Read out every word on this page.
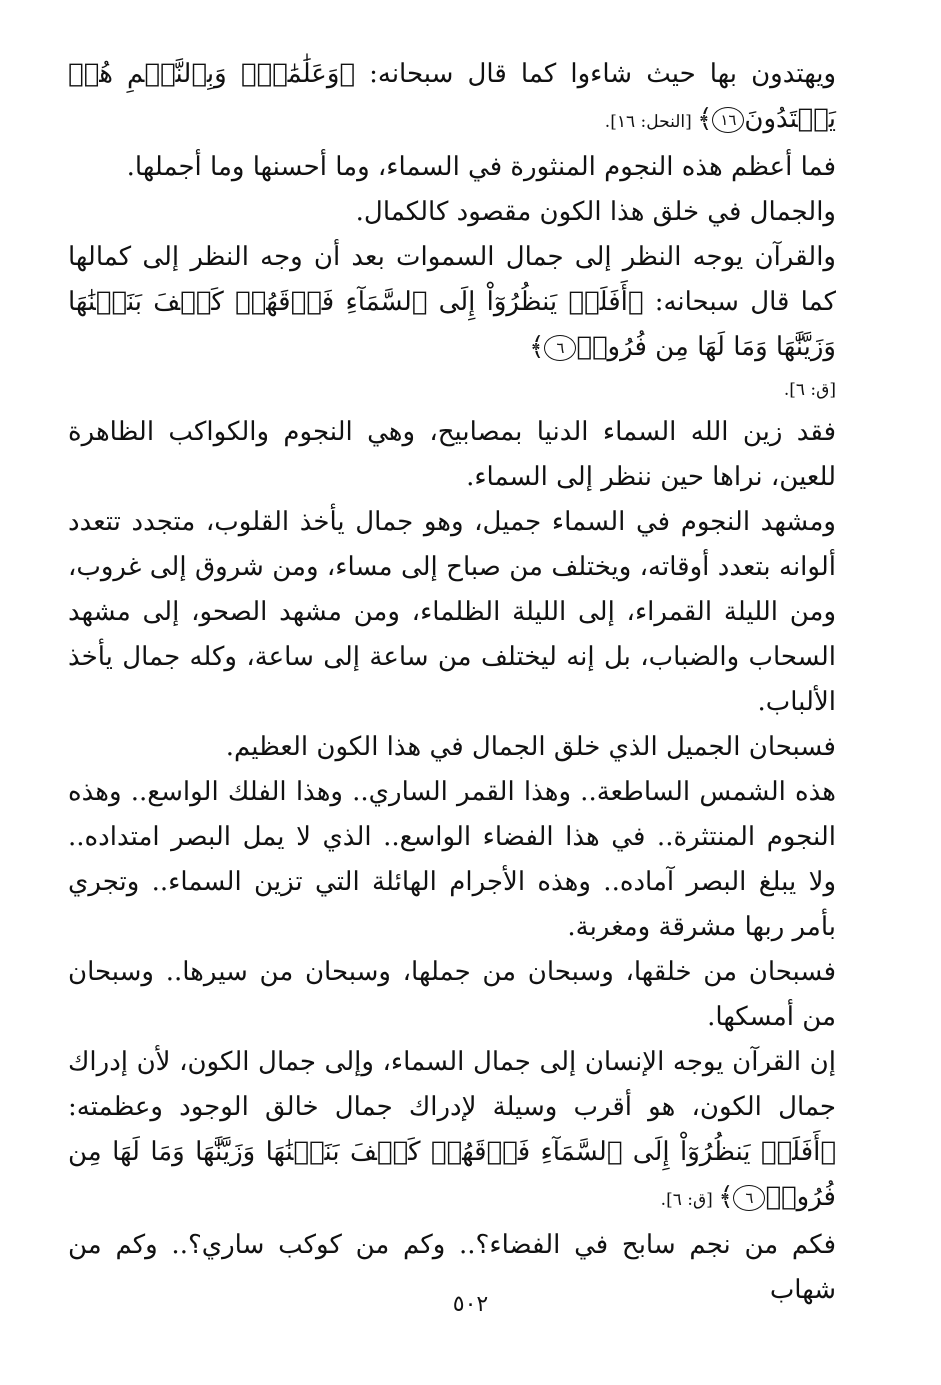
ويهتدون بها حيث شاءوا كما قال سبحانه: ﴿وَعَلَٰمَٰتٍۚ وَبِٱلنَّجۡمِ هُمۡ يَهۡتَدُونَ١٦﴾ [النحل: ١٦].

فما أعظم هذه النجوم المنثورة في السماء، وما أحسنها وما أجملها.

والجمال في خلق هذا الكون مقصود كالكمال.

والقرآن يوجه النظر إلى جمال السموات بعد أن وجه النظر إلى كمالها كما قال سبحانه: ﴿أَفَلَمۡ يَنظُرُوٓاْ إِلَى ٱلسَّمَآءِ فَوۡقَهُمۡ كَيۡفَ بَنَيۡنَٰهَا وَزَيَّنَّٰهَا وَمَا لَهَا مِن فُرُوجٖ٦﴾

[ق: ٦].

فقد زين الله السماء الدنيا بمصابيح، وهي النجوم والكواكب الظاهرة للعين، نراها حين ننظر إلى السماء.

ومشهد النجوم في السماء جميل، وهو جمال يأخذ القلوب، متجدد تتعدد ألوانه بتعدد أوقاته، ويختلف من صباح إلى مساء، ومن شروق إلى غروب، ومن الليلة القمراء، إلى الليلة الظلماء، ومن مشهد الصحو، إلى مشهد السحاب والضباب، بل إنه ليختلف من ساعة إلى ساعة، وكله جمال يأخذ الألباب.

فسبحان الجميل الذي خلق الجمال في هذا الكون العظيم.

هذه الشمس الساطعة.. وهذا القمر الساري.. وهذا الفلك الواسع.. وهذه النجوم المنتثرة.. في هذا الفضاء الواسع.. الذي لا يمل البصر امتداده.. ولا يبلغ البصر آماده.. وهذه الأجرام الهائلة التي تزين السماء.. وتجري بأمر ربها مشرقة ومغربة.

فسبحان من خلقها، وسبحان من جملها، وسبحان من سيرها.. وسبحان من أمسكها.

إن القرآن يوجه الإنسان إلى جمال السماء، وإلى جمال الكون، لأن إدراك جمال الكون، هو أقرب وسيلة لإدراك جمال خالق الوجود وعظمته: ﴿أَفَلَمۡ يَنظُرُوٓاْ إِلَى ٱلسَّمَآءِ فَوۡقَهُمۡ كَيۡفَ بَنَيۡنَٰهَا وَزَيَّنَّٰهَا وَمَا لَهَا مِن فُرُوجٖ٦﴾ [ق: ٦].

فكم من نجم سابح في الفضاء؟.. وكم من كوكب ساري؟.. وكم من شهاب

٥٠٢
